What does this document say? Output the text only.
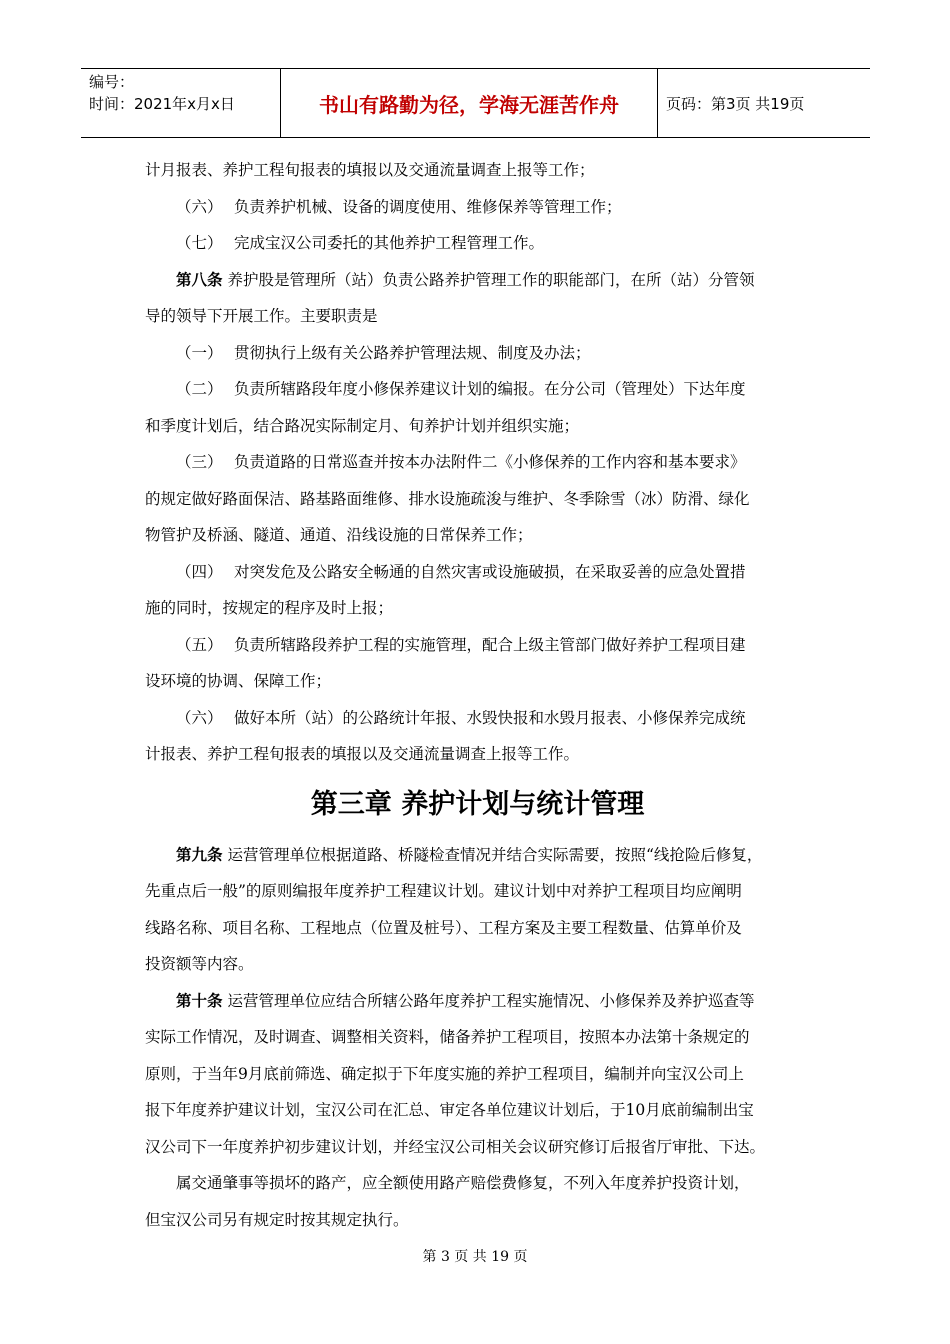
编号：
时间：2021年x月x日	书山有路勤为径，学海无涯苦作舟	页码：第3页 共19页
计月报表、养护工程旬报表的填报以及交通流量调查上报等工作；
（六） 负责养护机械、设备的调度使用、维修保养等管理工作；
（七） 完成宝汉公司委托的其他养护工程管理工作。
第八条 养护股是管理所（站）负责公路养护管理工作的职能部门，在所（站）分管领
导的领导下开展工作。主要职责是
（一） 贯彻执行上级有关公路养护管理法规、制度及办法；
（二） 负责所辖路段年度小修保养建议计划的编报。在分公司（管理处）下达年度
和季度计划后，结合路况实际制定月、旬养护计划并组织实施；
（三） 负责道路的日常巡查并按本办法附件二《小修保养的工作内容和基本要求》
的规定做好路面保洁、路基路面维修、排水设施疏浚与维护、冬季除雪（冰）防滑、绿化
物管护及桥涵、隧道、通道、沿线设施的日常保养工作；
（四） 对突发危及公路安全畅通的自然灾害或设施破损，在采取妥善的应急处置措
施的同时，按规定的程序及时上报；
（五） 负责所辖路段养护工程的实施管理，配合上级主管部门做好养护工程项目建
设环境的协调、保障工作；
（六） 做好本所（站）的公路统计年报、水毁快报和水毁月报表、小修保养完成统
计报表、养护工程旬报表的填报以及交通流量调查上报等工作。
第三章 养护计划与统计管理
第九条 运营管理单位根据道路、桥隧检查情况并结合实际需要，按照“线抢险后修复，
先重点后一般”的原则编报年度养护工程建议计划。建议计划中对养护工程项目均应阐明
线路名称、项目名称、工程地点（位置及桩号）、工程方案及主要工程数量、估算单价及
投资额等内容。
第十条 运营管理单位应结合所辖公路年度养护工程实施情况、小修保养及养护巡查等
实际工作情况，及时调查、调整相关资料，储备养护工程项目，按照本办法第十条规定的
原则，于当年9月底前筛选、确定拟于下年度实施的养护工程项目，编制并向宝汉公司上
报下年度养护建议计划，宝汉公司在汇总、审定各单位建议计划后，于10月底前编制出宝
汉公司下一年度养护初步建议计划，并经宝汉公司相关会议研究修订后报省厅审批、下达。
属交通肇事等损坏的路产，应全额使用路产赔偿费修复，不列入年度养护投资计划，
但宝汉公司另有规定时按其规定执行。
第 3 页 共 19 页
